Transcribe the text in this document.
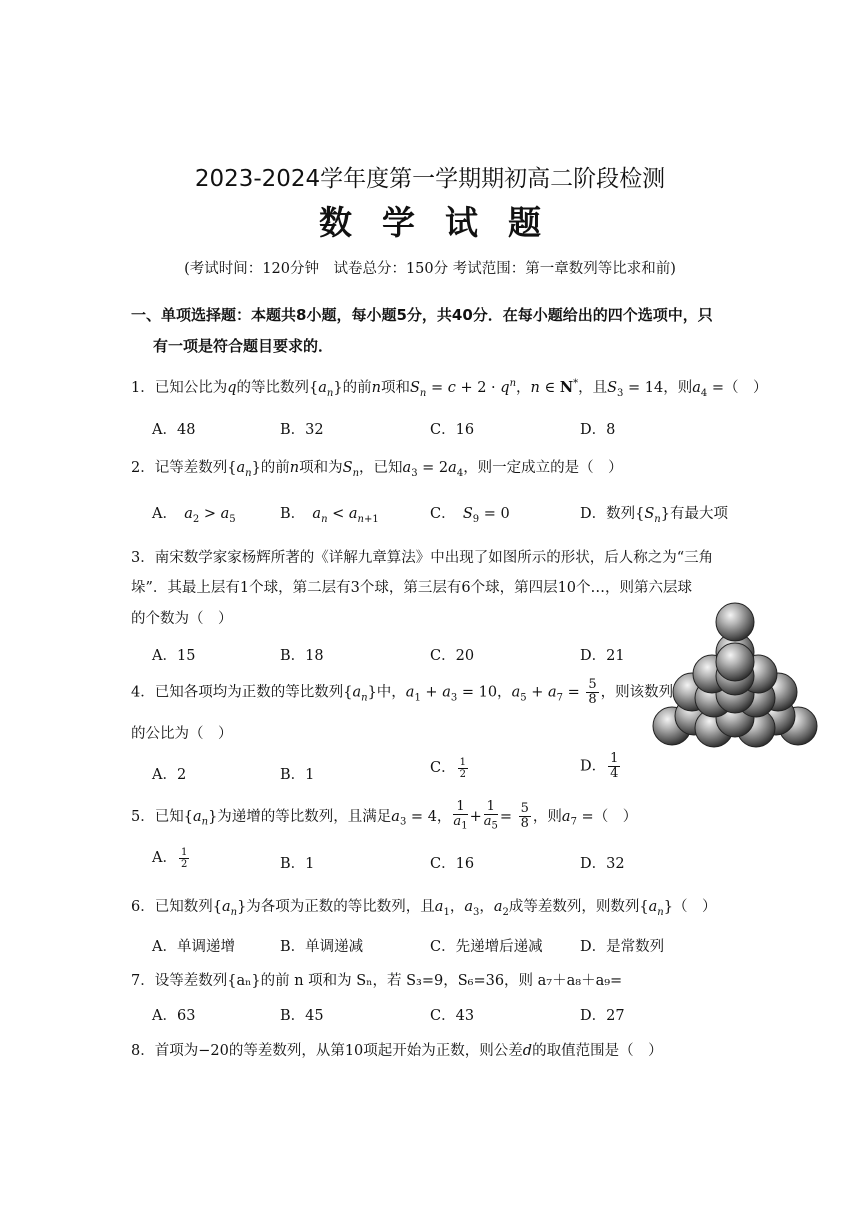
2023-2024学年度第一学期期初高二阶段检测
数学试题
(考试时间：120分钟　试卷总分：150分 考试范围：第一章数列等比求和前)
一、单项选择题：本题共8小题，每小题5分，共40分．在每小题给出的四个选项中，只
有一项是符合题目要求的．
1．已知公比为q的等比数列$\{a_n\}$的前n项和$S_n = c + 2 \cdot q^n$，n ∈ N*，且$S_3 = 14$，则$a_4$ =（　）
A．48	B．32	C．16	D．8
2．记等差数列$\{a_n\}$的前n项和为$S_n$，已知$a_3 = 2a_4$，则一定成立的是（　）
A．　$a_2 > a_5$	B．　$a_n < a_{n+1}$	C．　$S_9 = 0$	D．数列$\{S_n\}$有最大项
3．南宋数学家家杨辉所著的《详解九章算法》中出现了如图所示的形状，后人称之为“三角
垛”．其最上层有1个球，第二层有3个球，第三层有6个球，第四层10个…，则第六层球
的个数为（　）
A．15	B．18	C．20	D．21
4．已知各项均为正数的等比数列$\{a_n\}$中，$a_1 + a_3 = 10$，$a_5 + a_7 = \frac{5}{8}$ ，则该数列
的公比为（　）
A．2	B．1	C． $\frac{1}{2}$	D． $\frac{1}{4}$
5．已知$\{a_n\}$为递增的等比数列，且满足$a_3 = 4$， $\frac{1}{a_1} + \frac{1}{a_5} = \frac{5}{8}$ ，则$a_7$ =（　）
A． $\frac{1}{2}$	B．1	C．16	D．32
6．已知数列$\{a_n\}$为各项为正数的等比数列，且$a_1$，$a_3$，$a_2$成等差数列，则数列$\{a_n\}$（　）
A．单调递增	B．单调递减	C．先递增后递减	D．是常数列
7．设等差数列{aₙ}的前 n 项和为 Sₙ，若 S₃=9，S₆=36，则 a₇＋a₈＋a₉=
A．63	B．45	C．43	D．27
8．首项为−20的等差数列，从第10项起开始为正数，则公差d的取值范围是（　）
